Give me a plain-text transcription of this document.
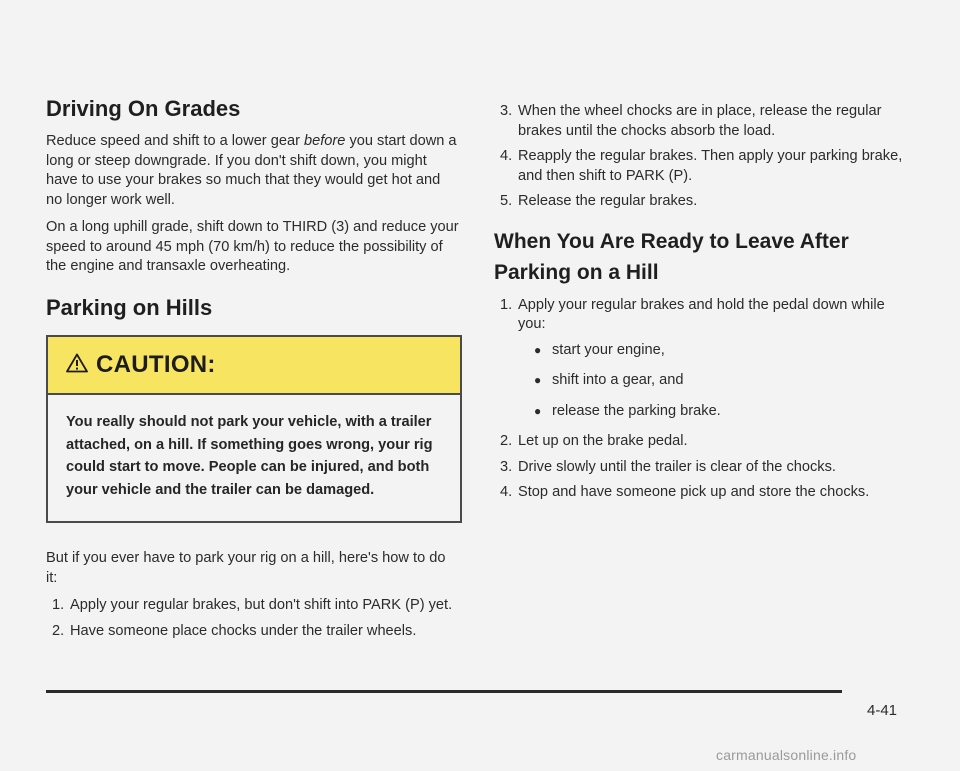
Driving On Grades

Reduce speed and shift to a lower gear before you start down a long or steep downgrade. If you don't shift down, you might have to use your brakes so much that they would get hot and no longer work well.

On a long uphill grade, shift down to THIRD (3) and reduce your speed to around 45 mph (70 km/h) to reduce the possibility of the engine and transaxle overheating.

Parking on Hills
CAUTION:

You really should not park your vehicle, with a trailer attached, on a hill. If something goes wrong, your rig could start to move. People can be injured, and both your vehicle and the trailer can be damaged.

But if you ever have to park your rig on a hill, here's how to do it:

1. Apply your regular brakes, but don't shift into PARK (P) yet.
2. Have someone place chocks under the trailer wheels.
3. When the wheel chocks are in place, release the regular brakes until the chocks absorb the load.
4. Reapply the regular brakes. Then apply your parking brake, and then shift to PARK (P).
5. Release the regular brakes.
When You Are Ready to Leave After Parking on a Hill
1. Apply your regular brakes and hold the pedal down while you:
● start your engine,
● shift into a gear, and
● release the parking brake.
2. Let up on the brake pedal.
3. Drive slowly until the trailer is clear of the chocks.
4. Stop and have someone pick up and store the chocks.
4-41
carmanualsonline.info
